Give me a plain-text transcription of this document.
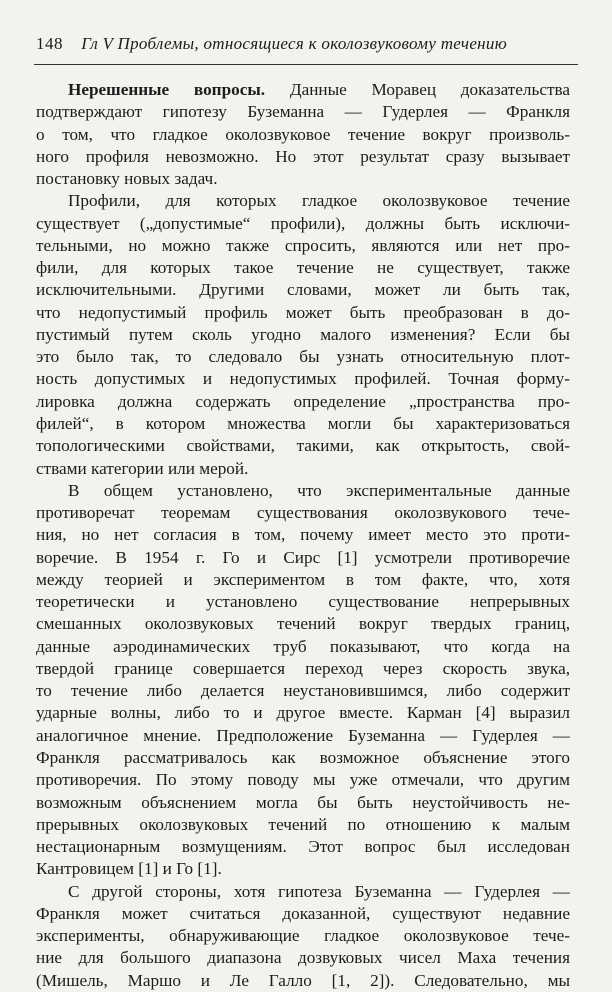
148 Гл V Проблемы, относящиеся к околозвуковому течению
Нерешенные вопросы. Данные Моравец доказательства
подтверждают гипотезу Буземанна — Гудерлея — Франкля
о том, что гладкое околозвуковое течение вокруг произволь-
ного профиля невозможно. Но этот результат сразу вызывает
постановку новых задач.
Профили, для которых гладкое околозвуковое течение
существует („допустимые“ профили), должны быть исключи-
тельными, но можно также спросить, являются или нет про-
фили, для которых такое течение не существует, также
исключительными. Другими словами, может ли быть так,
что недопустимый профиль может быть преобразован в до-
пустимый путем сколь угодно малого изменения? Если бы
это было так, то следовало бы узнать относительную плот-
ность допустимых и недопустимых профилей. Точная форму-
лировка должна содержать определение „пространства про-
филей“, в котором множества могли бы характеризоваться
топологическими свойствами, такими, как открытость, свой-
ствами категории или мерой.
В общем установлено, что экспериментальные данные
противоречат теоремам существования околозвукового тече-
ния, но нет согласия в том, почему имеет место это проти-
воречие. В 1954 г. Го и Сирс [1] усмотрели противоречие
между теорией и экспериментом в том факте, что, хотя
теоретически и установлено существование непрерывных
смешанных околозвуковых течений вокруг твердых границ,
данные аэродинамических труб показывают, что когда на
твердой границе совершается переход через скорость звука,
то течение либо делается неустановившимся, либо содержит
ударные волны, либо то и другое вместе. Карман [4] выразил
аналогичное мнение. Предположение Буземанна — Гудерлея —
Франкля рассматривалось как возможное объяснение этого
противоречия. По этому поводу мы уже отмечали, что другим
возможным объяснением могла бы быть неустойчивость не-
прерывных околозвуковых течений по отношению к малым
нестационарным возмущениям. Этот вопрос был исследован
Кантровицем [1] и Го [1].
С другой стороны, хотя гипотеза Буземанна — Гудерлея —
Франкля может считаться доказанной, существуют недавние
эксперименты, обнаруживающие гладкое околозвуковое тече-
ние для большого диапазона дозвуковых чисел Маха течения
(Мишель, Маршо и Ле Галло [1, 2]). Следовательно, мы
